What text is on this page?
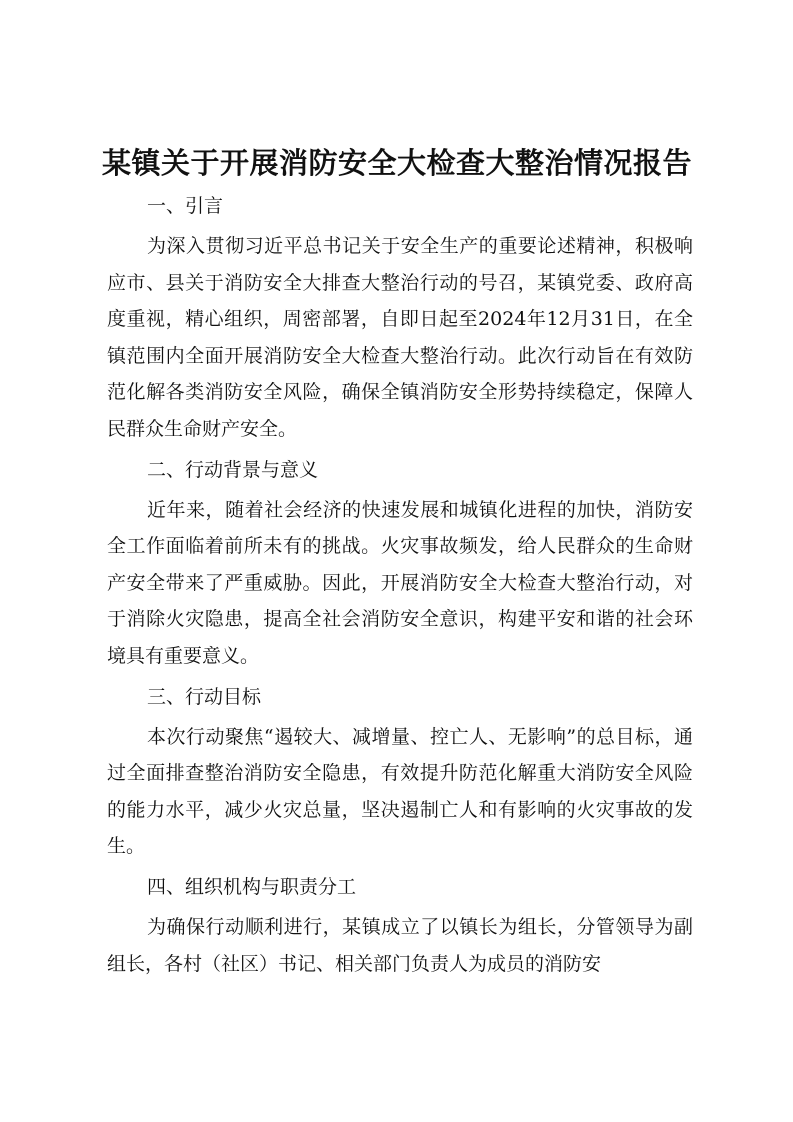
某镇关于开展消防安全大检查大整治情况报告
一、引言

为深入贯彻习近平总书记关于安全生产的重要论述精神，积极响应市、县关于消防安全大排查大整治行动的号召，某镇党委、政府高度重视，精心组织，周密部署，自即日起至2024年12月31日，在全镇范围内全面开展消防安全大检查大整治行动。此次行动旨在有效防范化解各类消防安全风险，确保全镇消防安全形势持续稳定，保障人民群众生命财产安全。

二、行动背景与意义

近年来，随着社会经济的快速发展和城镇化进程的加快，消防安全工作面临着前所未有的挑战。火灾事故频发，给人民群众的生命财产安全带来了严重威胁。因此，开展消防安全大检查大整治行动，对于消除火灾隐患，提高全社会消防安全意识，构建平安和谐的社会环境具有重要意义。

三、行动目标

本次行动聚焦“遏较大、减增量、控亡人、无影响”的总目标，通过全面排查整治消防安全隐患，有效提升防范化解重大消防安全风险的能力水平，减少火灾总量，坚决遏制亡人和有影响的火灾事故的发生。

四、组织机构与职责分工

为确保行动顺利进行，某镇成立了以镇长为组长，分管领导为副组长，各村（社区）书记、相关部门负责人为成员的消防安
